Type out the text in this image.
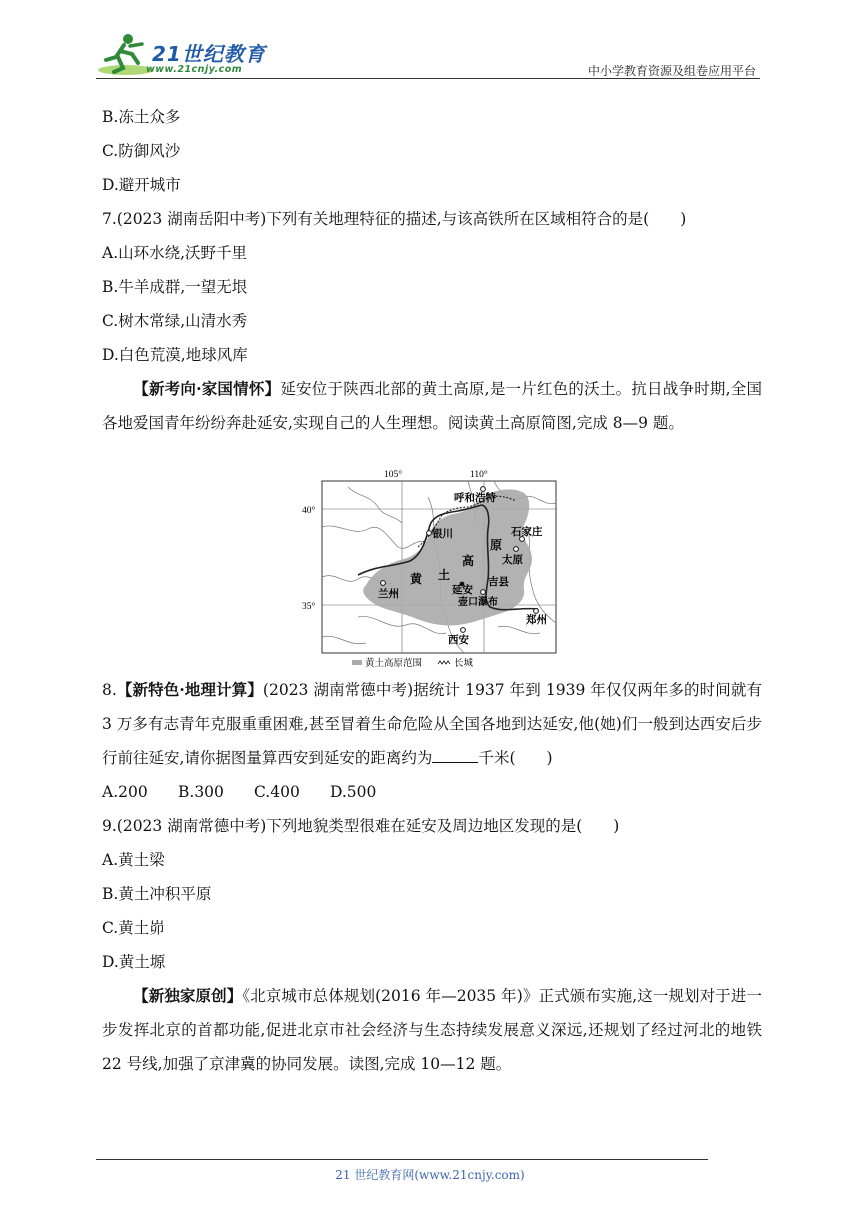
21世纪教育
www.21cnjy.com	中小学教育资源及组卷应用平台
B.冻土众多
C.防御风沙
D.避开城市
7.(2023 湖南岳阳中考)下列有关地理特征的描述,与该高铁所在区域相符合的是(　　)
A.山环水绕,沃野千里
B.牛羊成群,一望无垠
C.树木常绿,山清水秀
D.白色荒漠,地球风库
【新考向·家国情怀】延安位于陕西北部的黄土高原,是一片红色的沃土。抗日战争时期,全国各地爱国青年纷纷奔赴延安,实现自己的人生理想。阅读黄土高原简图,完成 8—9 题。
105°	110°
40°
35°
呼和浩特
银川	石家庄
太原
兰州	延安
吉县
壶口瀑布
郑州
西安
黄 土
高
原
黄土高原范围	长城
8.【新特色·地理计算】(2023 湖南常德中考)据统计 1937 年到 1939 年仅仅两年多的时间就有 3 万多有志青年克服重重困难,甚至冒着生命危险从全国各地到达延安,他(她)们一般到达西安后步行前往延安,请你据图量算西安到延安的距离约为	千米(　　)
A.200 B.300 C.400 D.500
9.(2023 湖南常德中考)下列地貌类型很难在延安及周边地区发现的是(　　)
A.黄土梁
B.黄土冲积平原
C.黄土峁
D.黄土塬
【新独家原创】《北京城市总体规划(2016 年—2035 年)》正式颁布实施,这一规划对于进一步发挥北京的首都功能,促进北京市社会经济与生态持续发展意义深远,还规划了经过河北的地铁 22 号线,加强了京津冀的协同发展。读图,完成 10—12 题。
21 世纪教育网(www.21cnjy.com)
